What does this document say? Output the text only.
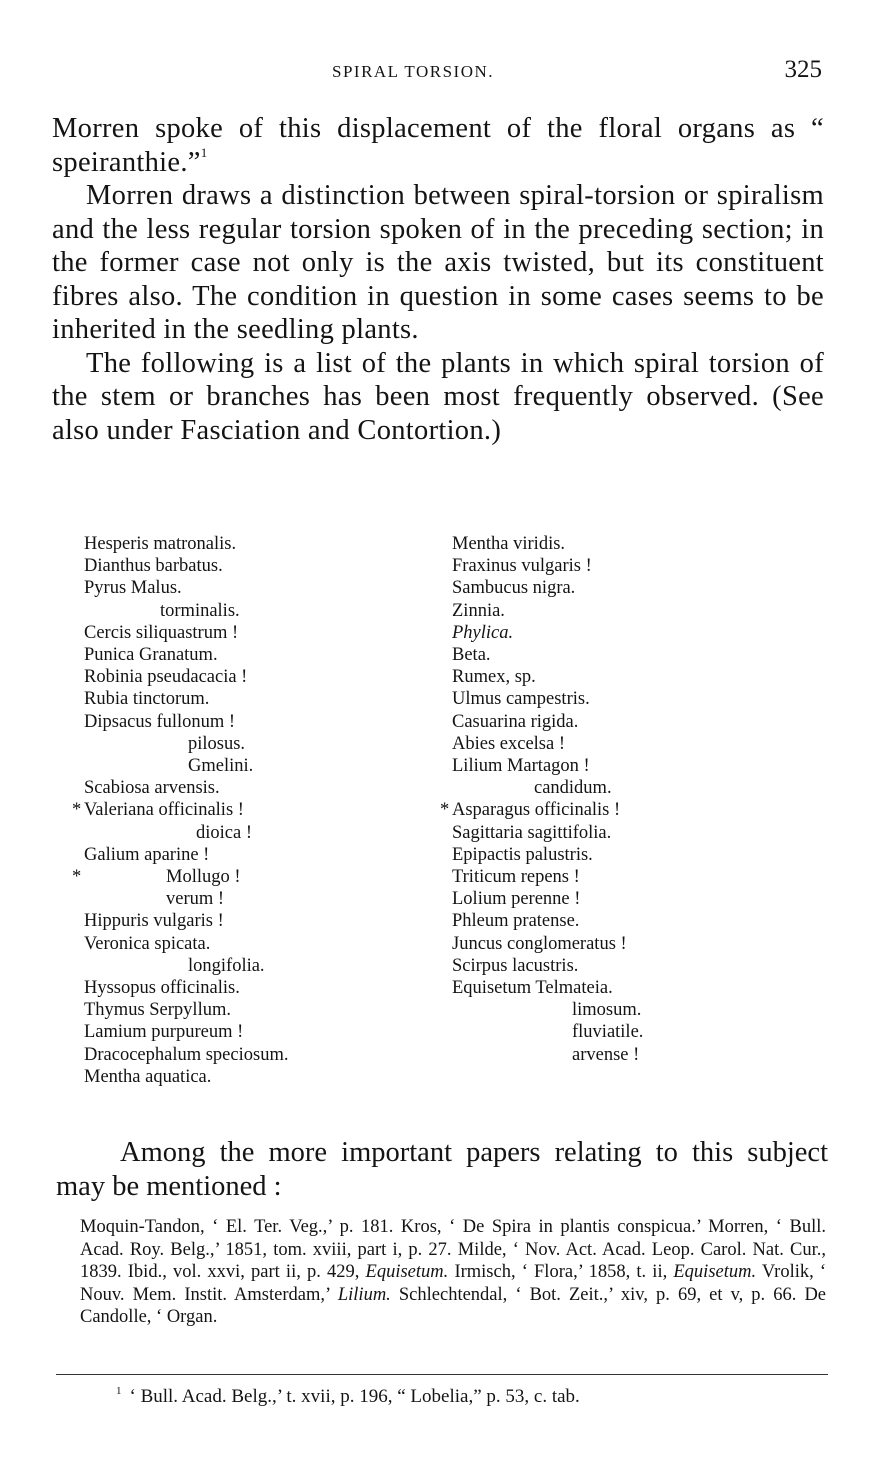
SPIRAL TORSION.	325

Morren spoke of this displacement of the floral organs as “ speiranthie.”$^1$

Morren draws a distinction between spiral-torsion or spiralism and the less regular torsion spoken of in the preceding section; in the former case not only is the axis twisted, but its constituent fibres also. The condition in question in some cases seems to be inherited in the seedling plants.

The following is a list of the plants in which spiral torsion of the stem or branches has been most frequently observed. (See also under Fasciation and Contortion.)

Hesperis matronalis.
Dianthus barbatus.
Pyrus Malus.
torminalis.
Cercis siliquastrum !
Punica Granatum.
Robinia pseudacacia !
Rubia tinctorum.
Dipsacus fullonum !
pilosus.
Gmelini.
Scabiosa arvensis.
* Valeriana officinalis !
dioica !
Galium aparine !
*	Mollugo !
verum !
Hippuris vulgaris !
Veronica spicata.
longifolia.
Hyssopus officinalis.
Thymus Serpyllum.
Lamium purpureum !
Dracocephalum speciosum.
Mentha aquatica.
Mentha viridis.
Fraxinus vulgaris !
Sambucus nigra.
Zinnia.
Phylica.
Beta.
Rumex, sp.
Ulmus campestris.
Casuarina rigida.
Abies excelsa !
Lilium Martagon !
candidum.
* Asparagus officinalis !
Sagittaria sagittifolia.
Epipactis palustris.
Triticum repens !
Lolium perenne !
Phleum pratense.
Juncus conglomeratus !
Scirpus lacustris.
Equisetum Telmateia.
limosum.
fluviatile.
arvense !

Among the more important papers relating to this subject may be mentioned :

Moquin-Tandon, ‘ El. Ter. Veg.,’ p. 181. Kros, ‘ De Spira in plantis conspicua.’ Morren, ‘ Bull. Acad. Roy. Belg.,’ 1851, tom. xviii, part i, p. 27. Milde, ‘ Nov. Act. Acad. Leop. Carol. Nat. Cur., 1839. Ibid., vol. xxvi, part ii, p. 429, Equisetum. Irmisch, ‘ Flora,’ 1858, t. ii, Equisetum. Vrolik, ‘ Nouv. Mem. Instit. Amsterdam,’ Lilium. Schlechtendal, ‘ Bot. Zeit.,’ xiv, p. 69, et v, p. 66. De Candolle, ‘ Organ.

$^1$ ‘ Bull. Acad. Belg.,’ t. xvii, p. 196, “ Lobelia,” p. 53, c. tab.
